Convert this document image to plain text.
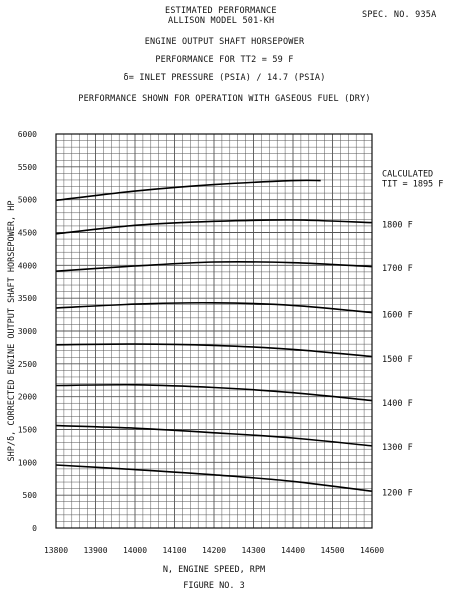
ESTIMATED PERFORMANCE
ALLISON MODEL 501-KH
SPEC. NO. 935A
ENGINE OUTPUT SHAFT HORSEPOWER
PERFORMANCE FOR TT2 = 59 F
δ= INLET PRESSURE (PSIA) / 14.7 (PSIA)
PERFORMANCE SHOWN FOR OPERATION WITH GASEOUS FUEL (DRY)
13800 13900 14000 14100 14200 14300 14400 14500 14600
0
500
1000
1500
2000
2500
3000
3500
4000
4500
5000
5500
6000
CALCULATED TIT = 1895 F
1800 F
1700 F
1600 F
1500 F
1400 F
1300 F
1200 F
N, ENGINE SPEED, RPM
SHP/δ, CORRECTED ENGINE OUTPUT SHAFT HORSEPOWER, HP
FIGURE NO. 3
